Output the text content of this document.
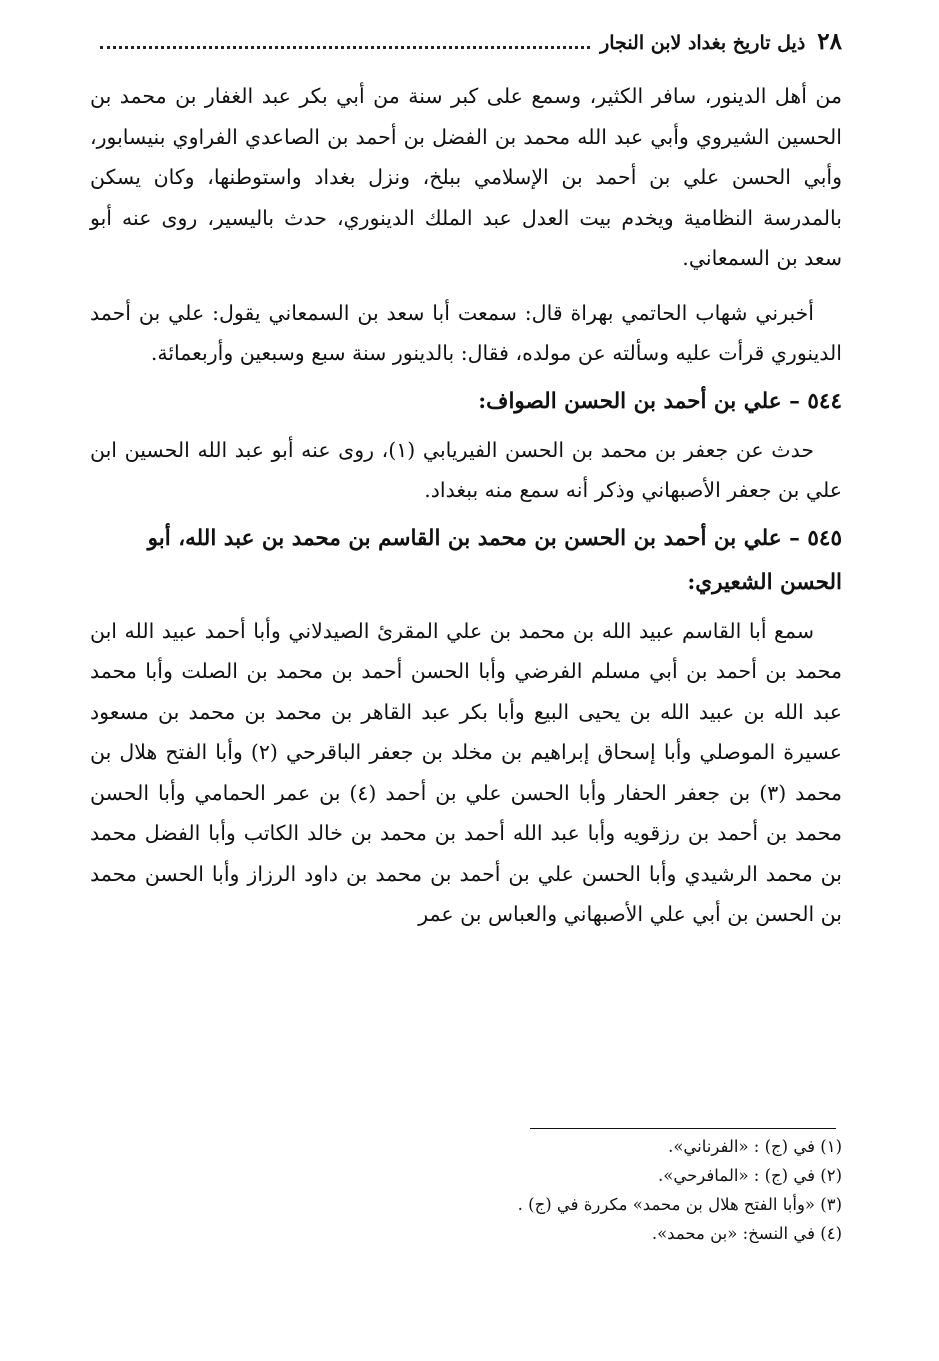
٢٨
ذيل تاريخ بغداد لابن النجار

من أهل الدينور، سافر الكثير، وسمع على كبر سنة من أبي بكر عبد الغفار بن محمد بن الحسين الشيروي وأبي عبد الله محمد بن الفضل بن أحمد بن الصاعدي الفراوي بنيسابور، وأبي الحسن علي بن أحمد بن الإسلامي ببلخ، ونزل بغداد واستوطنها، وكان يسكن بالمدرسة النظامية ويخدم بيت العدل عبد الملك الدينوري، حدث باليسير، روى عنه أبو سعد بن السمعاني.

أخبرني شهاب الحاتمي بهراة قال: سمعت أبا سعد بن السمعاني يقول: علي بن أحمد الدينوري قرأت عليه وسألته عن مولده، فقال: بالدينور سنة سبع وسبعين وأربعمائة.

٥٤٤ – علي بن أحمد بن الحسن الصواف:

حدث عن جعفر بن محمد بن الحسن الفيريابي (١)، روى عنه أبو عبد الله الحسين ابن علي بن جعفر الأصبهاني وذكر أنه سمع منه ببغداد.

٥٤٥ – علي بن أحمد بن الحسن بن محمد بن القاسم بن محمد بن عبد الله، أبو الحسن الشعيري:

سمع أبا القاسم عبيد الله بن محمد بن علي المقرئ الصيدلاني وأبا أحمد عبيد الله ابن محمد بن أحمد بن أبي مسلم الفرضي وأبا الحسن أحمد بن محمد بن الصلت وأبا محمد عبد الله بن عبيد الله بن يحيى البيع وأبا بكر عبد القاهر بن محمد بن محمد بن مسعود عسيرة الموصلي وأبا إسحاق إبراهيم بن مخلد بن جعفر الباقرحي (٢) وأبا الفتح هلال بن محمد (٣) بن جعفر الحفار وأبا الحسن علي بن أحمد (٤) بن عمر الحمامي وأبا الحسن محمد بن أحمد بن رزقويه وأبا عبد الله أحمد بن محمد بن خالد الكاتب وأبا الفضل محمد بن محمد الرشيدي وأبا الحسن علي بن أحمد بن محمد بن داود الرزاز وأبا الحسن محمد بن الحسن بن أبي علي الأصبهاني والعباس بن عمر

(١) في (ج) : «الفرناني».
(٢) في (ج) : «المافرحي».
(٣) «وأبا الفتح هلال بن محمد» مكررة في (ج) .
(٤) في النسخ: «بن محمد».
